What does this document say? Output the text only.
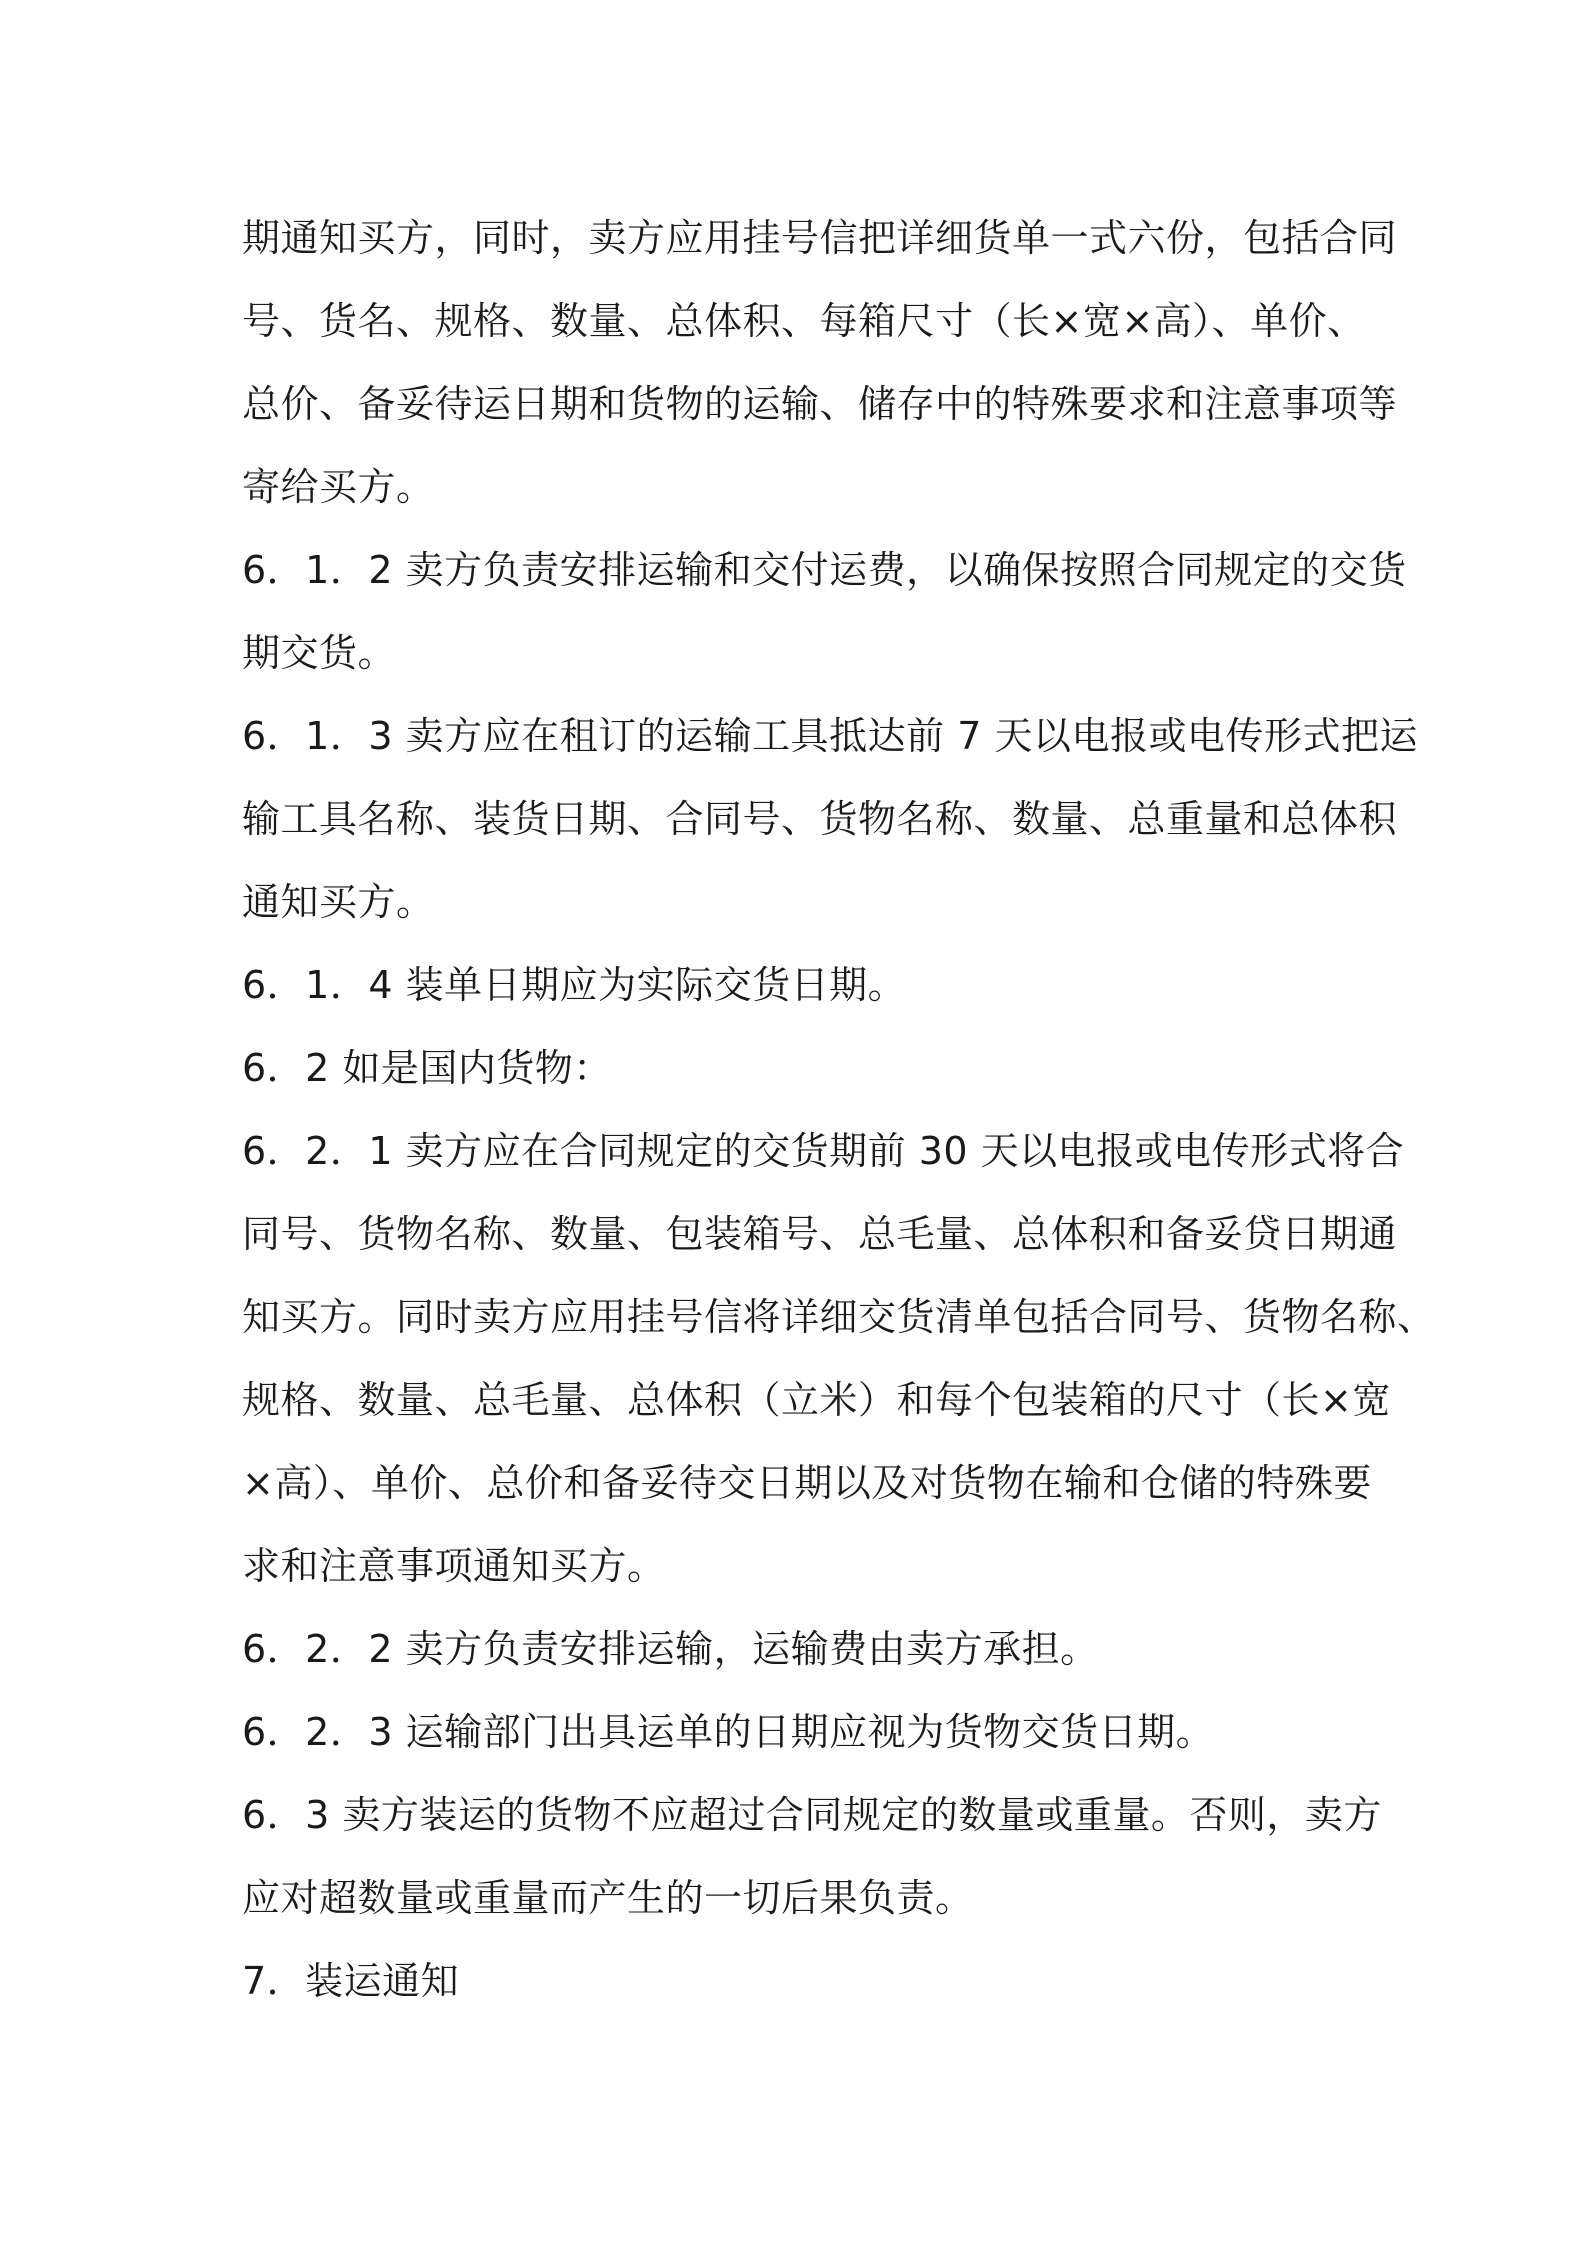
期通知买方，同时，卖方应用挂号信把详细货单一式六份，包括合同
号、货名、规格、数量、总体积、每箱尺寸（长×宽×高）、单价、
总价、备妥待运日期和货物的运输、储存中的特殊要求和注意事项等
寄给买方。
6．1．2 卖方负责安排运输和交付运费，以确保按照合同规定的交货
期交货。
6．1．3 卖方应在租订的运输工具抵达前 7 天以电报或电传形式把运
输工具名称、装货日期、合同号、货物名称、数量、总重量和总体积
通知买方。
6．1．4 装单日期应为实际交货日期。
6．2 如是国内货物：
6．2．1 卖方应在合同规定的交货期前 30 天以电报或电传形式将合
同号、货物名称、数量、包装箱号、总毛量、总体积和备妥贷日期通
知买方。同时卖方应用挂号信将详细交货清单包括合同号、货物名称、
规格、数量、总毛量、总体积（立米）和每个包装箱的尺寸（长×宽
×高）、单价、总价和备妥待交日期以及对货物在输和仓储的特殊要
求和注意事项通知买方。
6．2．2 卖方负责安排运输，运输费由卖方承担。
6．2．3 运输部门出具运单的日期应视为货物交货日期。
6．3 卖方装运的货物不应超过合同规定的数量或重量。否则，卖方
应对超数量或重量而产生的一切后果负责。
7．装运通知
